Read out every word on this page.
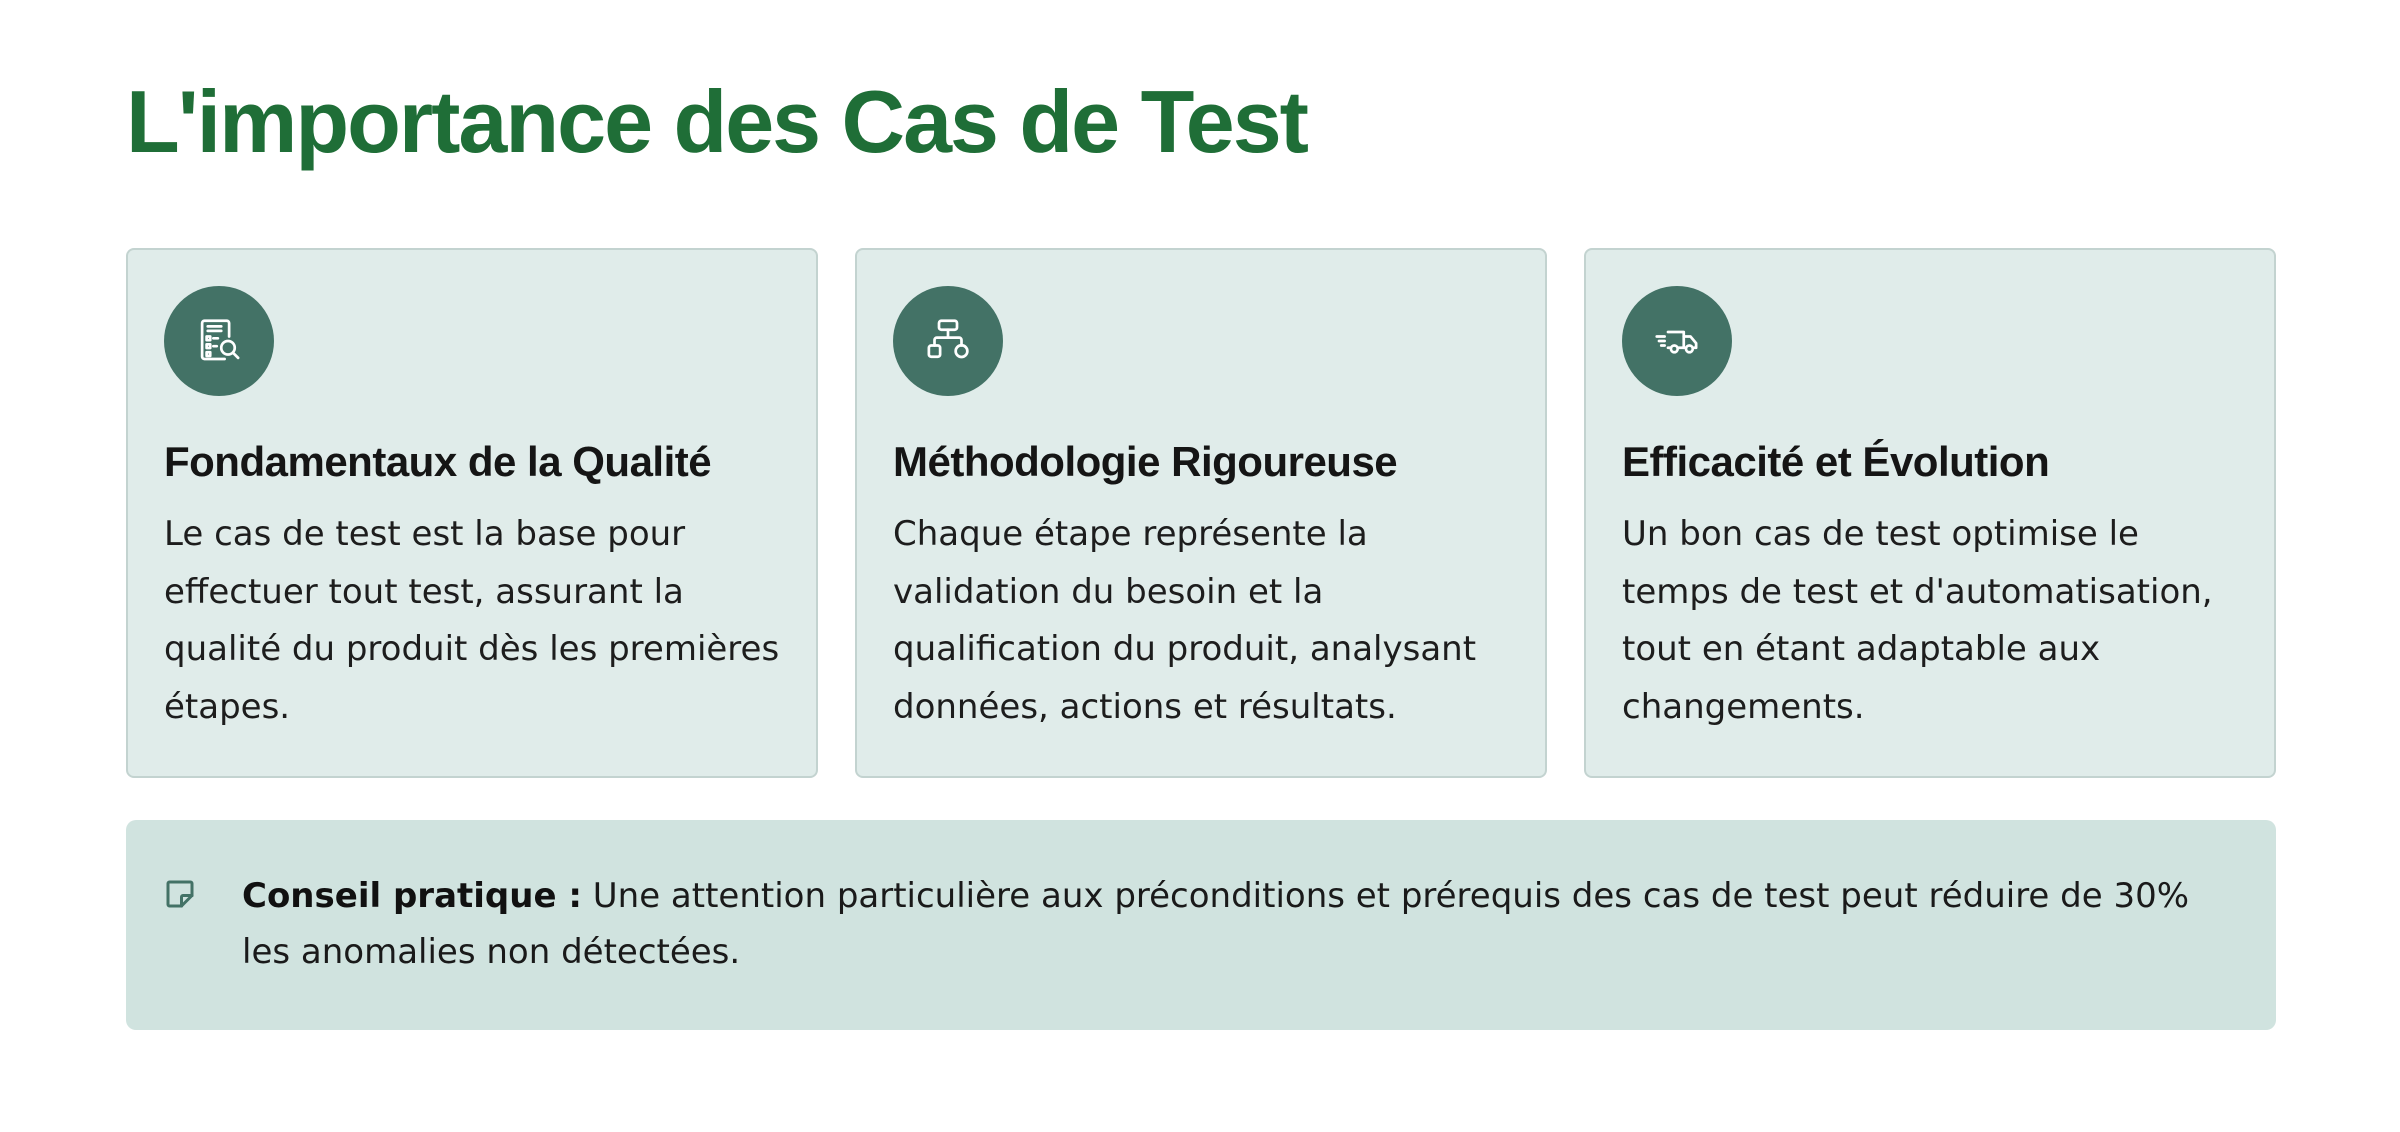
L'importance des Cas de Test
Fondamentaux de la Qualité

Le cas de test est la base pour effectuer tout test, assurant la qualité du produit dès les premières étapes.

Méthodologie Rigoureuse

Chaque étape représente la validation du besoin et la qualification du produit, analysant données, actions et résultats.

Efficacité et Évolution

Un bon cas de test optimise le temps de test et d'automatisation, tout en étant adaptable aux changements.

Conseil pratique : Une attention particulière aux préconditions et prérequis des cas de test peut réduire de 30% les anomalies non détectées.
